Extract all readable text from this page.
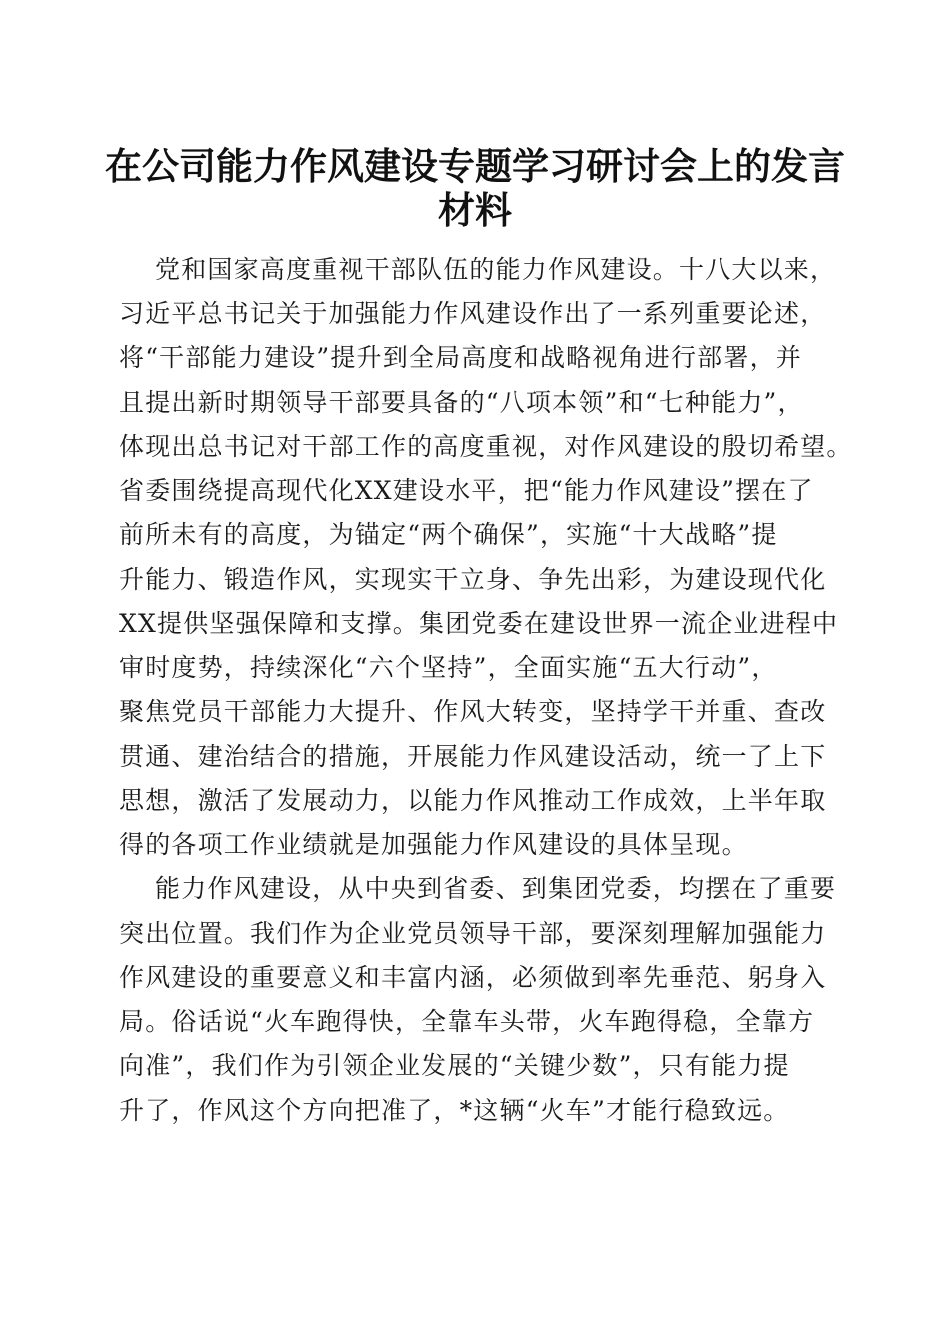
在公司能力作风建设专题学习研讨会上的发言
材料
党和国家高度重视干部队伍的能力作风建设。十八大以来，
习近平总书记关于加强能力作风建设作出了一系列重要论述，
将“干部能力建设”提升到全局高度和战略视角进行部署，并
且提出新时期领导干部要具备的“八项本领”和“七种能力”，
体现出总书记对干部工作的高度重视，对作风建设的殷切希望。
省委围绕提高现代化XX建设水平，把“能力作风建设”摆在了
前所未有的高度，为锚定“两个确保”，实施“十大战略”提
升能力、锻造作风，实现实干立身、争先出彩，为建设现代化
XX提供坚强保障和支撑。集团党委在建设世界一流企业进程中
审时度势，持续深化“六个坚持”，全面实施“五大行动”，
聚焦党员干部能力大提升、作风大转变，坚持学干并重、查改
贯通、建治结合的措施，开展能力作风建设活动，统一了上下
思想，激活了发展动力，以能力作风推动工作成效，上半年取
得的各项工作业绩就是加强能力作风建设的具体呈现。
能力作风建设，从中央到省委、到集团党委，均摆在了重要
突出位置。我们作为企业党员领导干部，要深刻理解加强能力
作风建设的重要意义和丰富内涵，必须做到率先垂范、躬身入
局。俗话说“火车跑得快，全靠车头带，火车跑得稳，全靠方
向准”，我们作为引领企业发展的“关键少数”，只有能力提
升了，作风这个方向把准了，*这辆“火车”才能行稳致远。
